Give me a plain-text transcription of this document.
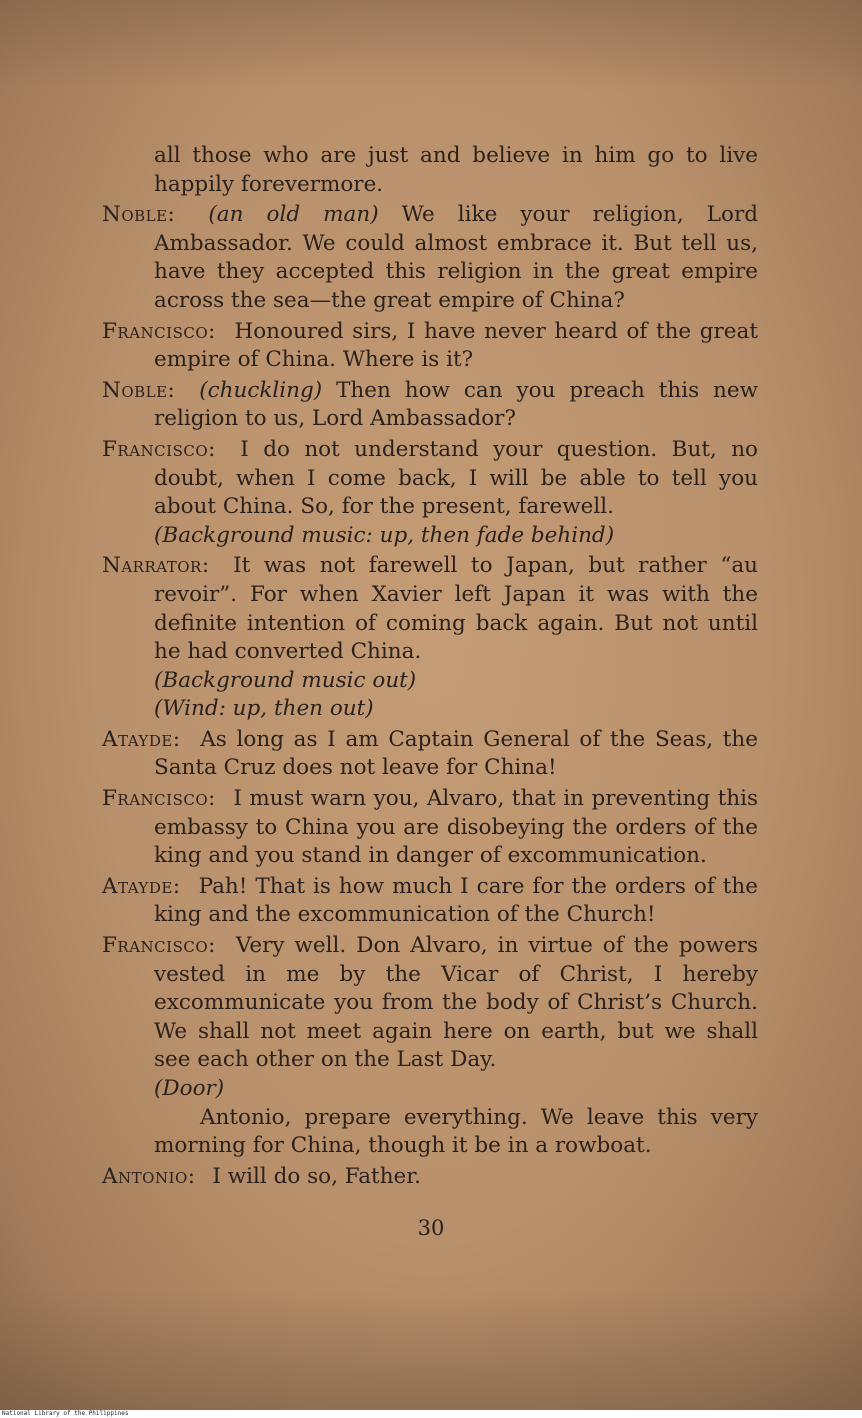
all those who are just and believe in him go to live happily forevermore.

Noble: (an old man) We like your religion, Lord Ambassador. We could almost embrace it. But tell us, have they accepted this religion in the great empire across the sea—the great empire of China?

Francisco: Honoured sirs, I have never heard of the great empire of China. Where is it?

Noble: (chuckling) Then how can you preach this new religion to us, Lord Ambassador?

Francisco: I do not understand your question. But, no doubt, when I come back, I will be able to tell you about China. So, for the present, farewell.

(Background music: up, then fade behind)

Narrator: It was not farewell to Japan, but rather “au revoir”. For when Xavier left Japan it was with the definite intention of coming back again. But not until he had converted China.

(Background music out)

(Wind: up, then out)

Atayde: As long as I am Captain General of the Seas, the Santa Cruz does not leave for China!

Francisco: I must warn you, Alvaro, that in preventing this embassy to China you are disobeying the orders of the king and you stand in danger of excommunication.

Atayde: Pah! That is how much I care for the orders of the king and the excommunication of the Church!

Francisco: Very well. Don Alvaro, in virtue of the powers vested in me by the Vicar of Christ, I hereby excommunicate you from the body of Christ’s Church. We shall not meet again here on earth, but we shall see each other on the Last Day.

(Door)

Antonio, prepare everything. We leave this very morning for China, though it be in a rowboat.

Antonio: I will do so, Father.

30
National Library of the Philippines
